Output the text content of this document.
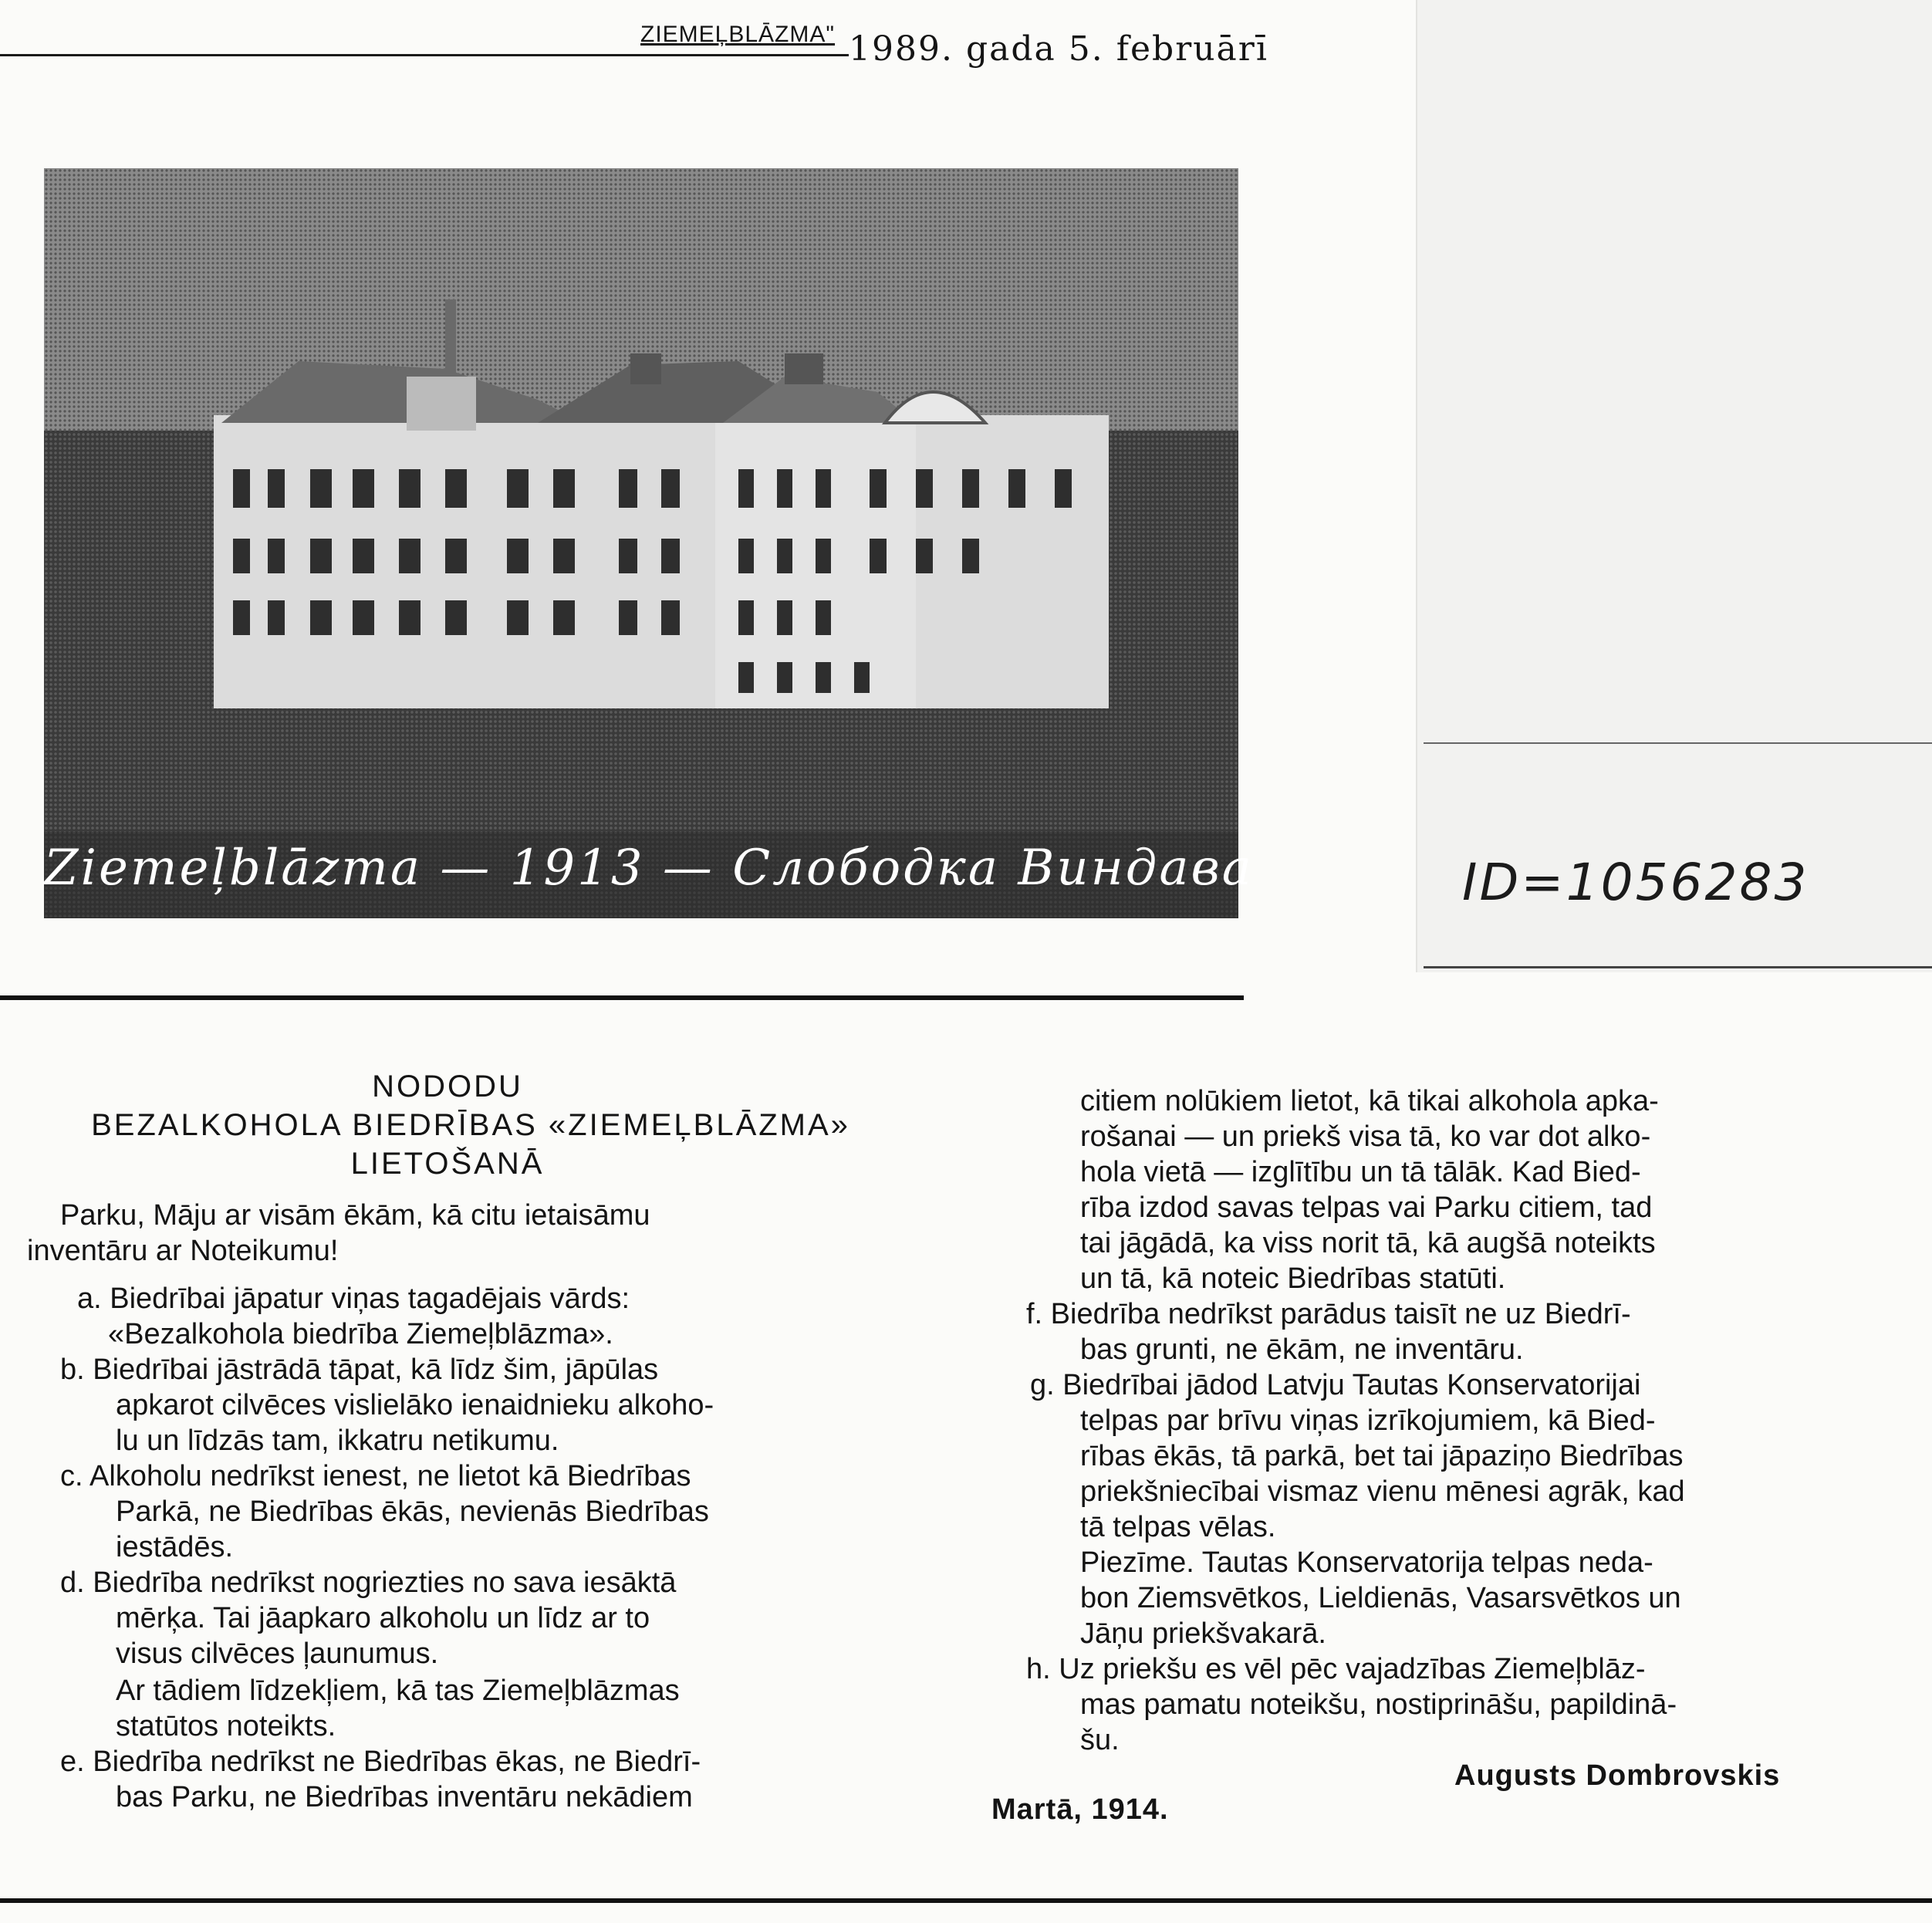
ZIEMEĻBLĀZMA" 1989. gada 5. februārī
ID=1056283
Ziemeļblāzma — 1913 — Слободка Виндава
NODODU
BEZALKOHOLA BIEDRĪBAS «ZIEMEĻBLĀZMA»
LIETOŠANĀ
Parku, Māju ar visām ēkām, kā citu ietaisāmu
inventāru ar Noteikumu!
a. Biedrībai jāpatur viņas tagadējais vārds:
«Bezalkohola biedrība Ziemeļblāzma».
b. Biedrībai jāstrādā tāpat, kā līdz šim, jāpūlas
apkarot cilvēces vislielāko ienaidnieku alkoho-
lu un līdzās tam, ikkatru netikumu.
c. Alkoholu nedrīkst ienest, ne lietot kā Biedrības
Parkā, ne Biedrības ēkās, nevienās Biedrības
iestādēs.
d. Biedrība nedrīkst nogriezties no sava iesāktā
mērķa. Tai jāapkaro alkoholu un līdz ar to
visus cilvēces ļaunumus.
Ar tādiem līdzekļiem, kā tas Ziemeļblāzmas
statūtos noteikts.
e. Biedrība nedrīkst ne Biedrības ēkas, ne Biedrī-
bas Parku, ne Biedrības inventāru nekādiem
citiem nolūkiem lietot, kā tikai alkohola apka-
rošanai — un priekš visa tā, ko var dot alko-
hola vietā — izglītību un tā tālāk. Kad Bied-
rība izdod savas telpas vai Parku citiem, tad
tai jāgādā, ka viss norit tā, kā augšā noteikts
un tā, kā noteic Biedrības statūti.
f. Biedrība nedrīkst parādus taisīt ne uz Biedrī-
bas grunti, ne ēkām, ne inventāru.
g. Biedrībai jādod Latvju Tautas Konservatorijai
telpas par brīvu viņas izrīkojumiem, kā Bied-
rības ēkās, tā parkā, bet tai jāpaziņo Biedrības
priekšniecībai vismaz vienu mēnesi agrāk, kad
tā telpas vēlas.
Piezīme. Tautas Konservatorija telpas neda-
bon Ziemsvētkos, Lieldienās, Vasarsvētkos un
Jāņu priekšvakarā.
h. Uz priekšu es vēl pēc vajadzības Ziemeļblāz-
mas pamatu noteikšu, nostiprināšu, papildinā-
šu.
Augusts Dombrovskis
Martā, 1914.
